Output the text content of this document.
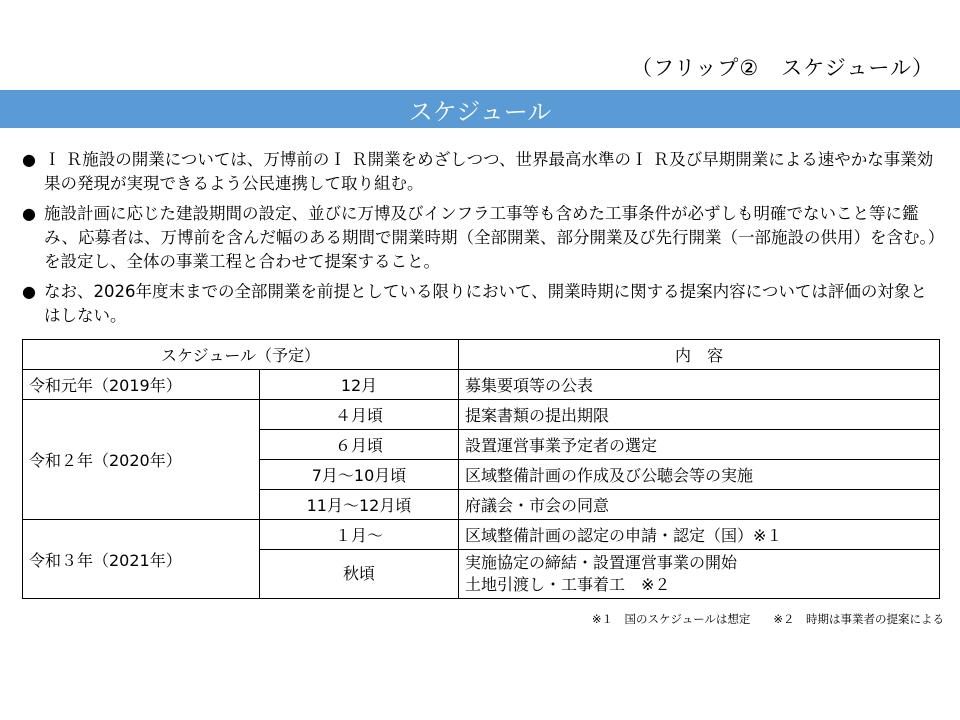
（フリップ②　スケジュール）
スケジュール
● Ｉ Ｒ施設の開業については、万博前のＩ Ｒ開業をめざしつつ、世界最高水準のＩ Ｒ及び早期開業による速やかな事業効果の発現が実現できるよう公民連携して取り組む。
● 施設計画に応じた建設期間の設定、並びに万博及びインフラ工事等も含めた工事条件が必ずしも明確でないこと等に鑑み、応募者は、万博前を含んだ幅のある期間で開業時期（全部開業、部分開業及び先行開業（一部施設の供用）を含む。）を設定し、全体の事業工程と合わせて提案すること。
● なお、2026年度末までの全部開業を前提としている限りにおいて、開業時期に関する提案内容については評価の対象とはしない。
スケジュール（予定）		内　容
令和元年（2019年）	12月	募集要項等の公表

令和２年（2020年）	４月頃	提案書類の提出期限

	６月頃	設置運営事業予定者の選定

	7月～10月頃	区域整備計画の作成及び公聴会等の実施

	11月～12月頃	府議会・市会の同意

令和３年（2021年）	１月～	区域整備計画の認定の申請・認定（国）※１

	秋頃	実施協定の締結・設置運営事業の開始
土地引渡し・工事着工　※２
※１　国のスケジュールは想定　　※２　時期は事業者の提案による
